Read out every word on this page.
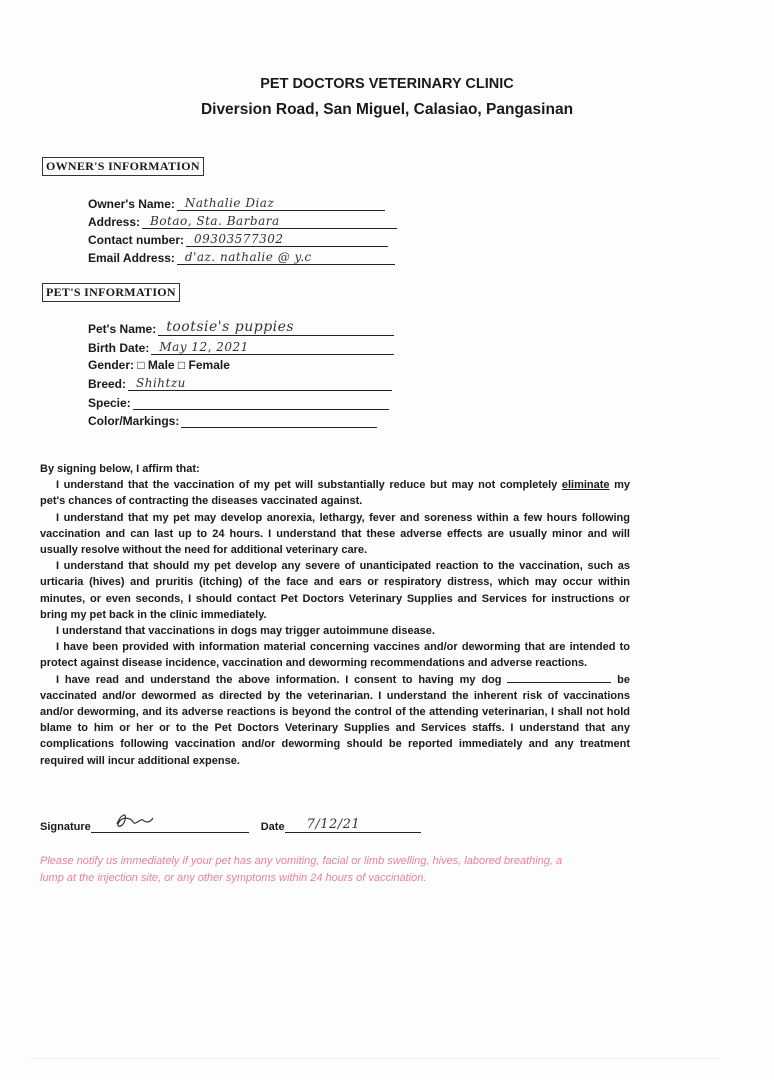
PET DOCTORS VETERINARY CLINIC
Diversion Road, San Miguel, Calasiao, Pangasinan
OWNER'S INFORMATION
Owner's Name: Nathalie Diaz
Address: Botao, Sta. Barbara
Contact number: 09303577302
Email Address: d'az. nathalie @ y.c
PET'S INFORMATION
Pet's Name: tootsie's puppies
Birth Date: May 12, 2021
Gender: □ Male □ Female
Breed: Shihtzu
Specie:
Color/Markings:

By signing below, I affirm that:

I understand that the vaccination of my pet will substantially reduce but may not completely eliminate my pet's chances of contracting the diseases vaccinated against.

I understand that my pet may develop anorexia, lethargy, fever and soreness within a few hours following vaccination and can last up to 24 hours. I understand that these adverse effects are usually minor and will usually resolve without the need for additional veterinary care.

I understand that should my pet develop any severe of unanticipated reaction to the vaccination, such as urticaria (hives) and pruritis (itching) of the face and ears or respiratory distress, which may occur within minutes, or even seconds, I should contact Pet Doctors Veterinary Supplies and Services for instructions or bring my pet back in the clinic immediately.

I understand that vaccinations in dogs may trigger autoimmune disease.

I have been provided with information material concerning vaccines and/or deworming that are intended to protect against disease incidence, vaccination and deworming recommendations and adverse reactions.

I have read and understand the above information. I consent to having my dog	be vaccinated and/or dewormed as directed by the veterinarian. I understand the inherent risk of vaccinations and/or deworming, and its adverse reactions is beyond the control of the attending veterinarian, I shall not hold blame to him or her or to the Pet Doctors Veterinary Supplies and Services staffs. I understand that any complications following vaccination and/or deworming should be reported immediately and any treatment required will incur additional expense.

Signature	Date 7/12/21
Please notify us immediately if your pet has any vomiting, facial or limb swelling, hives, labored breathing, a lump at the injection site, or any other symptoms within 24 hours of vaccination.
